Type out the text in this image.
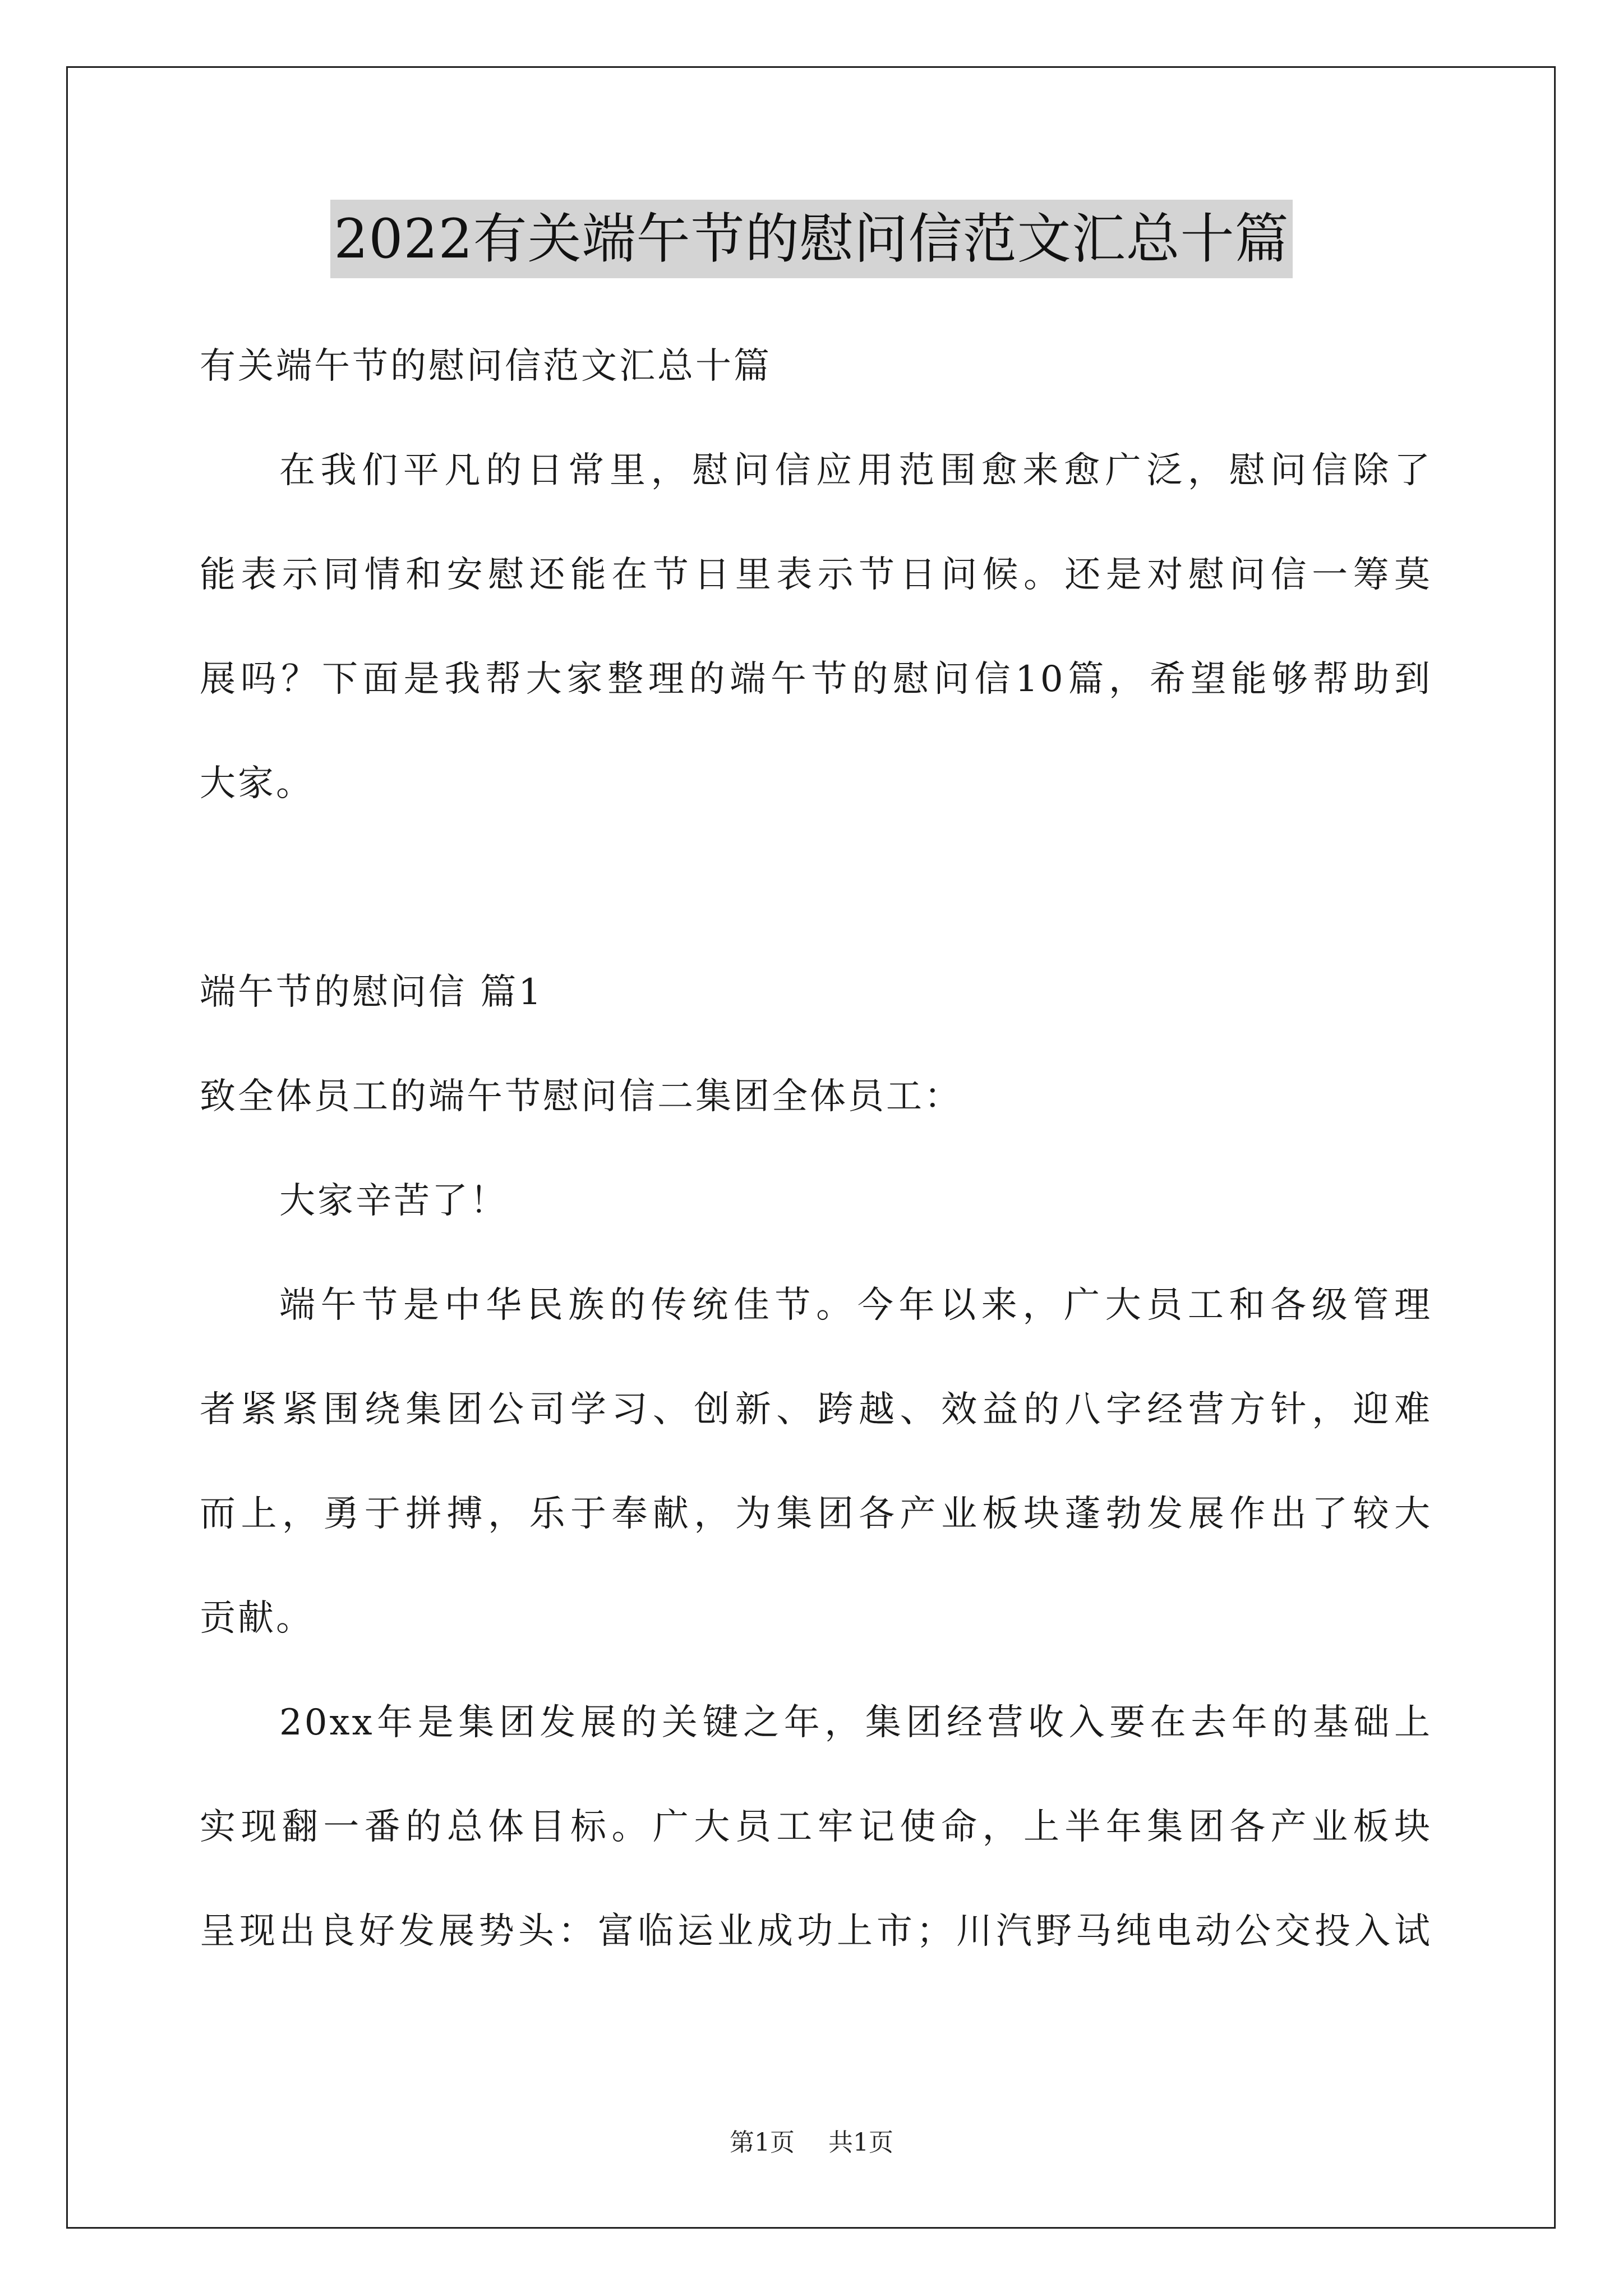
2022有关端午节的慰问信范文汇总十篇
有关端午节的慰问信范文汇总十篇
在我们平凡的日常里，慰问信应用范围愈来愈广泛，慰问信除了
能表示同情和安慰还能在节日里表示节日问候。还是对慰问信一筹莫
展吗？下面是我帮大家整理的端午节的慰问信10篇，希望能够帮助到
大家。
端午节的慰问信 篇1
致全体员工的端午节慰问信二集团全体员工：
大家辛苦了！
端午节是中华民族的传统佳节。今年以来，广大员工和各级管理
者紧紧围绕集团公司学习、创新、跨越、效益的八字经营方针，迎难
而上，勇于拼搏，乐于奉献，为集团各产业板块蓬勃发展作出了较大
贡献。
20xx年是集团发展的关键之年，集团经营收入要在去年的基础上
实现翻一番的总体目标。广大员工牢记使命，上半年集团各产业板块
呈现出良好发展势头：富临运业成功上市；川汽野马纯电动公交投入试
第1页 共1页
